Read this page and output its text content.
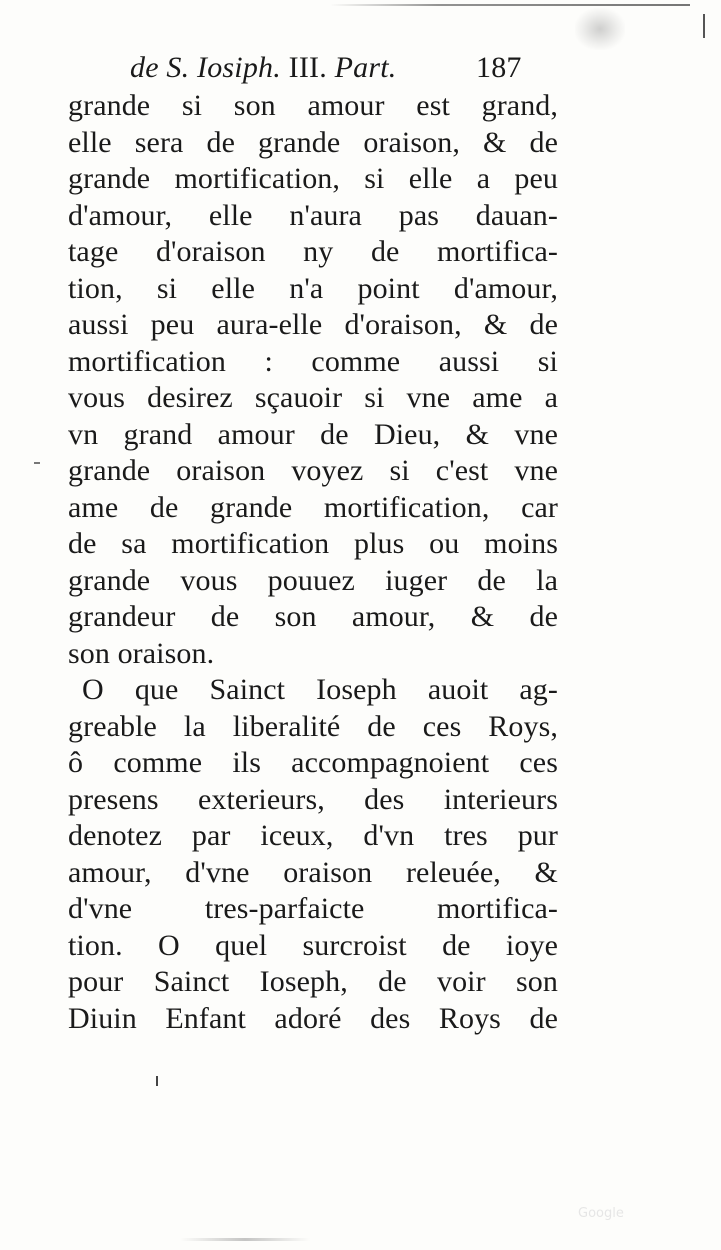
de S. Iosiph. III. Part.	187
grande si son amour est grand,
elle sera de grande oraison, & de
grande mortification, si elle a peu
d'amour, elle n'aura pas dauan-
tage d'oraison ny de mortifica-
tion, si elle n'a point d'amour,
aussi peu aura-elle d'oraison, & de
mortification : comme aussi si
vous desirez sçauoir si vne ame a
vn grand amour de Dieu, & vne
grande oraison voyez si c'est vne
ame de grande mortification, car
de sa mortification plus ou moins
grande vous pouuez iuger de la
grandeur de son amour, & de
son oraison.
O que Sainct Ioseph auoit ag-
greable la liberalité de ces Roys,
ô comme ils accompagnoient ces
presens exterieurs, des interieurs
denotez par iceux, d'vn tres pur
amour, d'vne oraison releuée, &
d'vne tres-parfaicte mortifica-
tion. O quel surcroist de ioye
pour Sainct Ioseph, de voir son
Diuin Enfant adoré des Roys de
Google
